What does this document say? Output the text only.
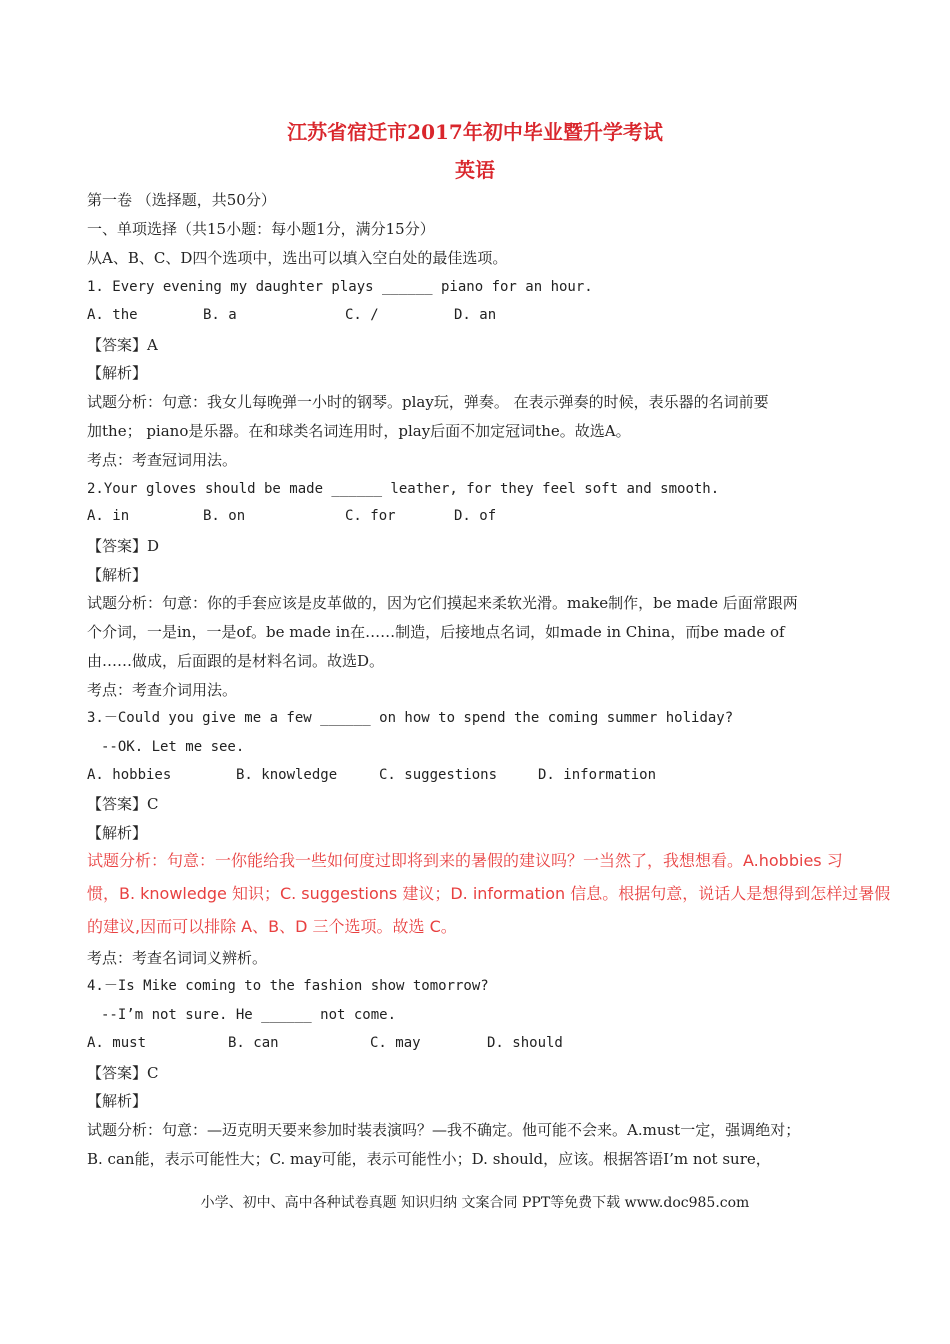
江苏省宿迁市2017年初中毕业暨升学考试
英语
第一卷 （选择题，共50分）
一、单项选择（共15小题：每小题1分，满分15分）
从A、B、C、D四个选项中，选出可以填入空白处的最佳选项。
1. Every evening my daughter plays ______ piano for an hour.
A. the	B. a	C. /	D. an
【答案】A
【解析】
试题分析：句意：我女儿每晚弹一小时的钢琴。play玩，弹奏。 在表示弹奏的时候，表乐器的名词前要
加the； piano是乐器。在和球类名词连用时，play后面不加定冠词the。故选A。
考点：考查冠词用法。
2.Your gloves should be made ______ leather, for they feel soft and smooth.
A. in	B. on	C. for	D. of
【答案】D
【解析】
试题分析：句意：你的手套应该是皮革做的，因为它们摸起来柔软光滑。make制作，be made 后面常跟两
个介词，一是in，一是of。be made in在……制造，后接地点名词，如made in China，而be made of
由……做成，后面跟的是材料名词。故选D。
考点：考查介词用法。
3.－Could you give me a few ______ on how to spend the coming summer holiday?
--OK. Let me see.
A. hobbies	B. knowledge	C. suggestions	D. information
【答案】C
【解析】
试题分析：句意：一你能给我一些如何度过即将到来的暑假的建议吗？一当然了，我想想看。A.hobbies 习
惯，B. knowledge 知识；C. suggestions 建议；D. information 信息。根据句意，说话人是想得到怎样过暑假
的建议,因而可以排除 A、B、D 三个选项。故选 C。
考点：考查名词词义辨析。
4.－Is Mike coming to the fashion show tomorrow?
--I’m not sure. He ______ not come.
A. must	B. can	C. may	D. should
【答案】C
【解析】
试题分析：句意：—迈克明天要来参加时装表演吗？—我不确定。他可能不会来。A.must一定，强调绝对；
B. can能，表示可能性大；C. may可能，表示可能性小；D. should，应该。根据答语I’m not sure，
小学、初中、高中各种试卷真题 知识归纳 文案合同 PPT等免费下载 www.doc985.com
